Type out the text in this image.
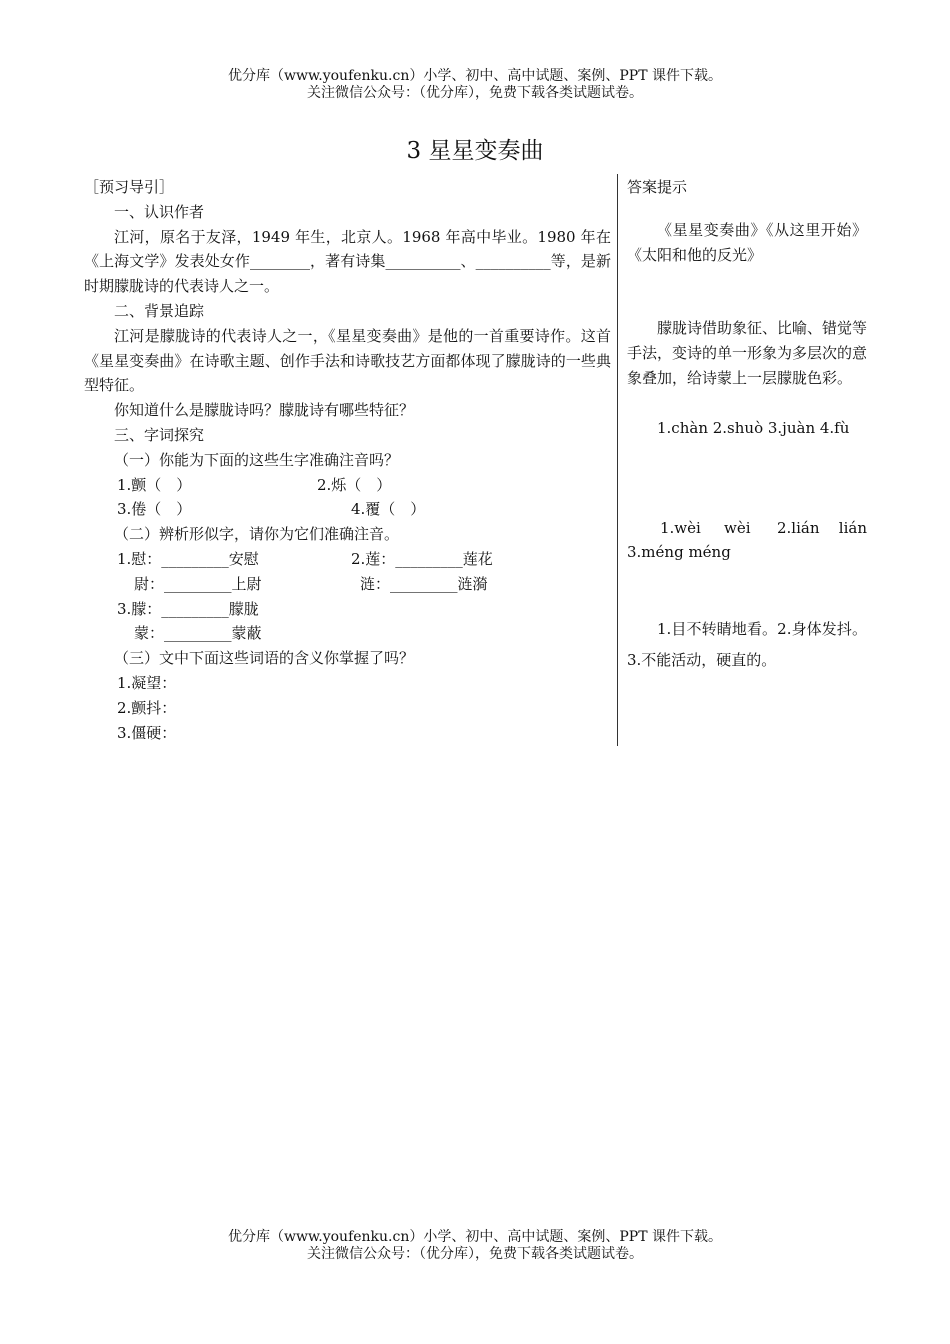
优分库（www.youfenku.cn）小学、初中、高中试题、案例、PPT 课件下载。
关注微信公众号：（优分库），免费下载各类试题试卷。
3 星星变奏曲

［预习导引］

一、认识作者

江河，原名于友泽，1949 年生，北京人。1968 年高中毕业。1980 年在《上海文学》发表处女作________，著有诗集__________、__________等，是新时期朦胧诗的代表诗人之一。

二、背景追踪

江河是朦胧诗的代表诗人之一，《星星变奏曲》是他的一首重要诗作。这首《星星变奏曲》在诗歌主题、创作手法和诗歌技艺方面都体现了朦胧诗的一些典型特征。

你知道什么是朦胧诗吗？朦胧诗有哪些特征？

三、字词探究

（一）你能为下面的这些生字准确注音吗？

1.颤（　）	2.烁（　）
3.倦（　）	4.覆（　）

（二）辨析形似字，请你为它们准确注音。

1.慰：_________安慰	2.莲：_________莲花
尉：_________上尉	涟：_________涟漪
3.朦：_________朦胧
蒙：_________蒙蔽

（三）文中下面这些词语的含义你掌握了吗？

1.凝望：

2.颤抖：

3.僵硬：

答案提示

《星星变奏曲》《从这里开始》《太阳和他的反光》

朦胧诗借助象征、比喻、错觉等手法，变诗的单一形象为多层次的意象叠加，给诗蒙上一层朦胧色彩。

1.chàn 2.shuò 3.juàn 4.fù

1.wèi wèi 2.lián lián

3.méng méng

1.目不转睛地看。2.身体发抖。3.不能活动，硬直的。

优分库（www.youfenku.cn）小学、初中、高中试题、案例、PPT 课件下载。
关注微信公众号：（优分库），免费下载各类试题试卷。
